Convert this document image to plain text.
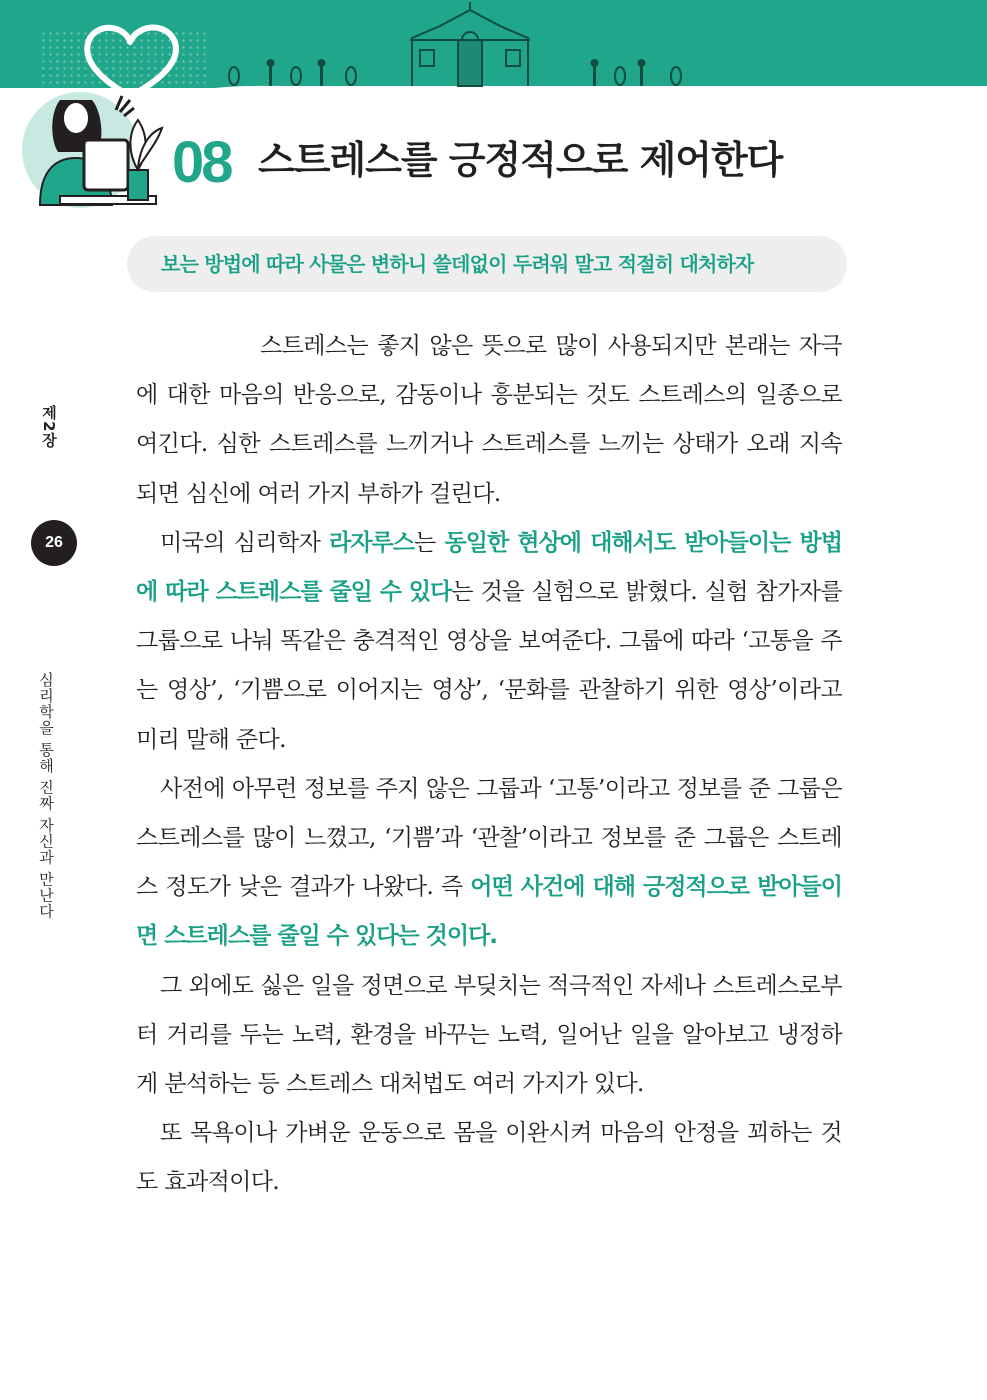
08 스트레스를 긍정적으로 제어한다
보는 방법에 따라 사물은 변하니 쓸데없이 두려워 말고 적절히 대처하자
제2장
26
심리학을 통해 진짜 자신과 만난다

스트레스는 좋지 않은 뜻으로 많이 사용되지만 본래는 자극에 대한 마음의 반응으로, 감동이나 흥분되는 것도 스트레스의 일종으로 여긴다. 심한 스트레스를 느끼거나 스트레스를 느끼는 상태가 오래 지속되면 심신에 여러 가지 부하가 걸린다.

미국의 심리학자 라자루스는 동일한 현상에 대해서도 받아들이는 방법에 따라 스트레스를 줄일 수 있다는 것을 실험으로 밝혔다. 실험 참가자를 그룹으로 나눠 똑같은 충격적인 영상을 보여준다. 그룹에 따라 ‘고통을 주는 영상’, ‘기쁨으로 이어지는 영상’, ‘문화를 관찰하기 위한 영상’이라고 미리 말해 준다.

사전에 아무런 정보를 주지 않은 그룹과 ‘고통’이라고 정보를 준 그룹은 스트레스를 많이 느꼈고, ‘기쁨’과 ‘관찰’이라고 정보를 준 그룹은 스트레스 정도가 낮은 결과가 나왔다. 즉 어떤 사건에 대해 긍정적으로 받아들이면 스트레스를 줄일 수 있다는 것이다.

그 외에도 싫은 일을 정면으로 부딪치는 적극적인 자세나 스트레스로부터 거리를 두는 노력, 환경을 바꾸는 노력, 일어난 일을 알아보고 냉정하게 분석하는 등 스트레스 대처법도 여러 가지가 있다.

또 목욕이나 가벼운 운동으로 몸을 이완시켜 마음의 안정을 꾀하는 것도 효과적이다.
